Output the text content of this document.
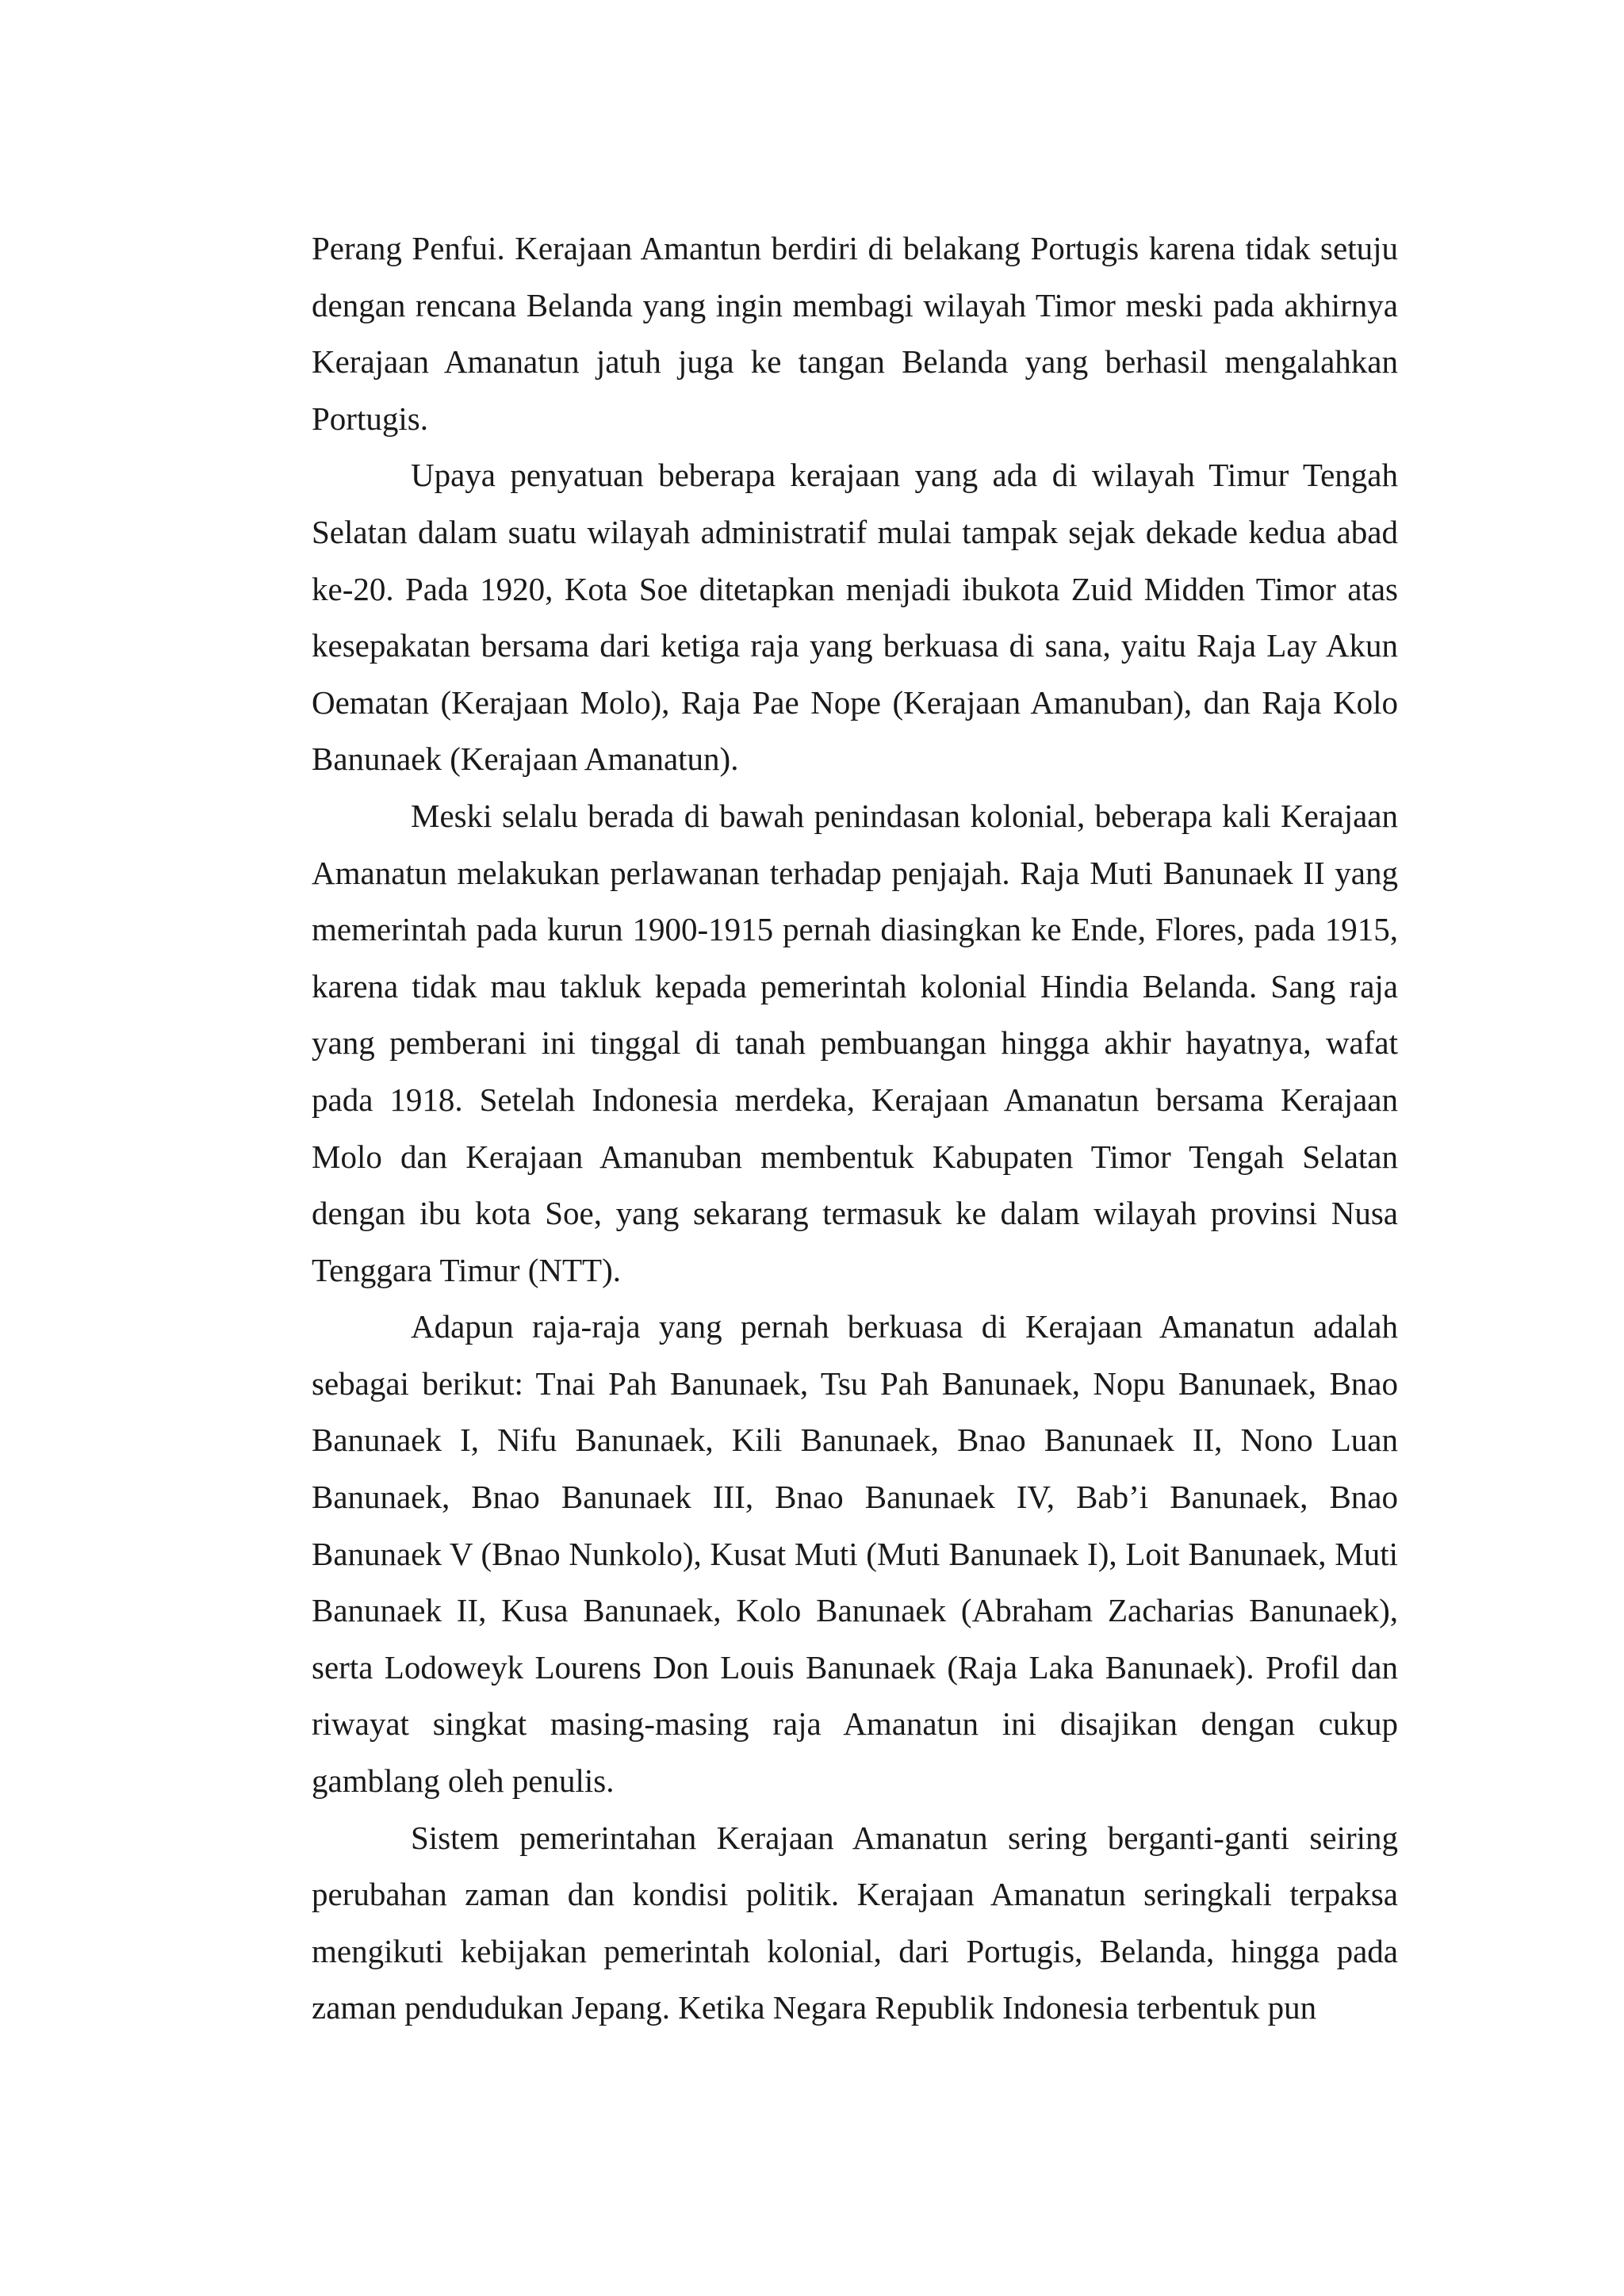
Perang Penfui. Kerajaan Amantun berdiri di belakang Portugis karena tidak setuju dengan rencana Belanda yang ingin membagi wilayah Timor meski pada akhirnya Kerajaan Amanatun jatuh juga ke tangan Belanda yang berhasil mengalahkan Portugis.

Upaya penyatuan beberapa kerajaan yang ada di wilayah Timur Tengah Selatan dalam suatu wilayah administratif mulai tampak sejak dekade kedua abad ke-20. Pada 1920, Kota Soe ditetapkan menjadi ibukota Zuid Midden Timor atas kesepakatan bersama dari ketiga raja yang berkuasa di sana, yaitu Raja Lay Akun Oematan (Kerajaan Molo), Raja Pae Nope (Kerajaan Amanuban), dan Raja Kolo Banunaek (Kerajaan Amanatun).

Meski selalu berada di bawah penindasan kolonial, beberapa kali Kerajaan Amanatun melakukan perlawanan terhadap penjajah. Raja Muti Banunaek II yang memerintah pada kurun 1900-1915 pernah diasingkan ke Ende, Flores, pada 1915, karena tidak mau takluk kepada pemerintah kolonial Hindia Belanda. Sang raja yang pemberani ini tinggal di tanah pembuangan hingga akhir hayatnya, wafat pada 1918. Setelah Indonesia merdeka, Kerajaan Amanatun bersama Kerajaan Molo dan Kerajaan Amanuban membentuk Kabupaten Timor Tengah Selatan dengan ibu kota Soe, yang sekarang termasuk ke dalam wilayah provinsi Nusa Tenggara Timur (NTT).

Adapun raja-raja yang pernah berkuasa di Kerajaan Amanatun adalah sebagai berikut: Tnai Pah Banunaek, Tsu Pah Banunaek, Nopu Banunaek, Bnao Banunaek I, Nifu Banunaek, Kili Banunaek, Bnao Banunaek II, Nono Luan Banunaek, Bnao Banunaek III, Bnao Banunaek IV, Bab’i Banunaek, Bnao Banunaek V (Bnao Nunkolo), Kusat Muti (Muti Banunaek I), Loit Banunaek, Muti Banunaek II, Kusa Banunaek, Kolo Banunaek (Abraham Zacharias Banunaek), serta Lodoweyk Lourens Don Louis Banunaek (Raja Laka Banunaek). Profil dan riwayat singkat masing-masing raja Amanatun ini disajikan dengan cukup gamblang oleh penulis.

Sistem pemerintahan Kerajaan Amanatun sering berganti-ganti seiring perubahan zaman dan kondisi politik. Kerajaan Amanatun seringkali terpaksa mengikuti kebijakan pemerintah kolonial, dari Portugis, Belanda, hingga pada zaman pendudukan Jepang. Ketika Negara Republik Indonesia terbentuk pun
